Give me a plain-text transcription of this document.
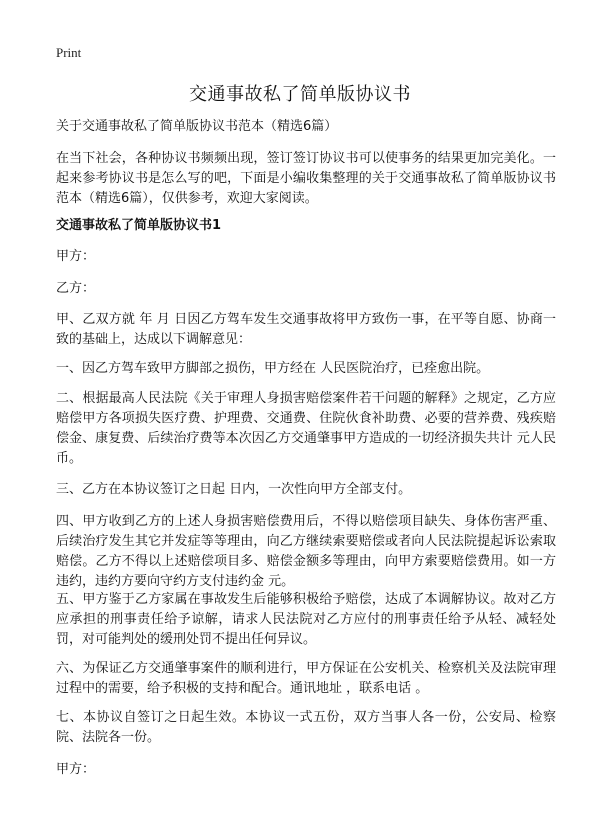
Print
交通事故私了简单版协议书

关于交通事故私了简单版协议书范本（精选6篇）

在当下社会，各种协议书频频出现，签订签订协议书可以使事务的结果更加完美化。一起来参考协议书是怎么写的吧，下面是小编收集整理的关于交通事故私了简单版协议书范本（精选6篇），仅供参考，欢迎大家阅读。

交通事故私了简单版协议书1

甲方：

乙方：

甲、乙双方就 年 月 日因乙方驾车发生交通事故将甲方致伤一事，在平等自愿、协商一致的基础上，达成以下调解意见：

一、因乙方驾车致甲方脚部之损伤，甲方经在 人民医院治疗，已痊愈出院。

二、根据最高人民法院《关于审理人身损害赔偿案件若干问题的解释》之规定，乙方应赔偿甲方各项损失医疗费、护理费、交通费、住院伙食补助费、必要的营养费、残疾赔偿金、康复费、后续治疗费等本次因乙方交通肇事甲方造成的一切经济损失共计 元人民币。

三、乙方在本协议签订之日起 日内，一次性向甲方全部支付。

四、甲方收到乙方的上述人身损害赔偿费用后，不得以赔偿项目缺失、身体伤害严重、后续治疗发生其它并发症等等理由，向乙方继续索要赔偿或者向人民法院提起诉讼索取赔偿。乙方不得以上述赔偿项目多、赔偿金额多等理由，向甲方索要赔偿费用。如一方违约，违约方要向守约方支付违约金 元。

五、甲方鉴于乙方家属在事故发生后能够积极给予赔偿，达成了本调解协议。故对乙方应承担的刑事责任给予谅解，请求人民法院对乙方应付的刑事责任给予从轻、减轻处罚，对可能判处的缓刑处罚不提出任何异议。

六、为保证乙方交通肇事案件的顺利进行，甲方保证在公安机关、检察机关及法院审理过程中的需要，给予积极的支持和配合。通讯地址 ，联系电话 。

七、本协议自签订之日起生效。本协议一式五份，双方当事人各一份，公安局、检察院、法院各一份。

甲方：
